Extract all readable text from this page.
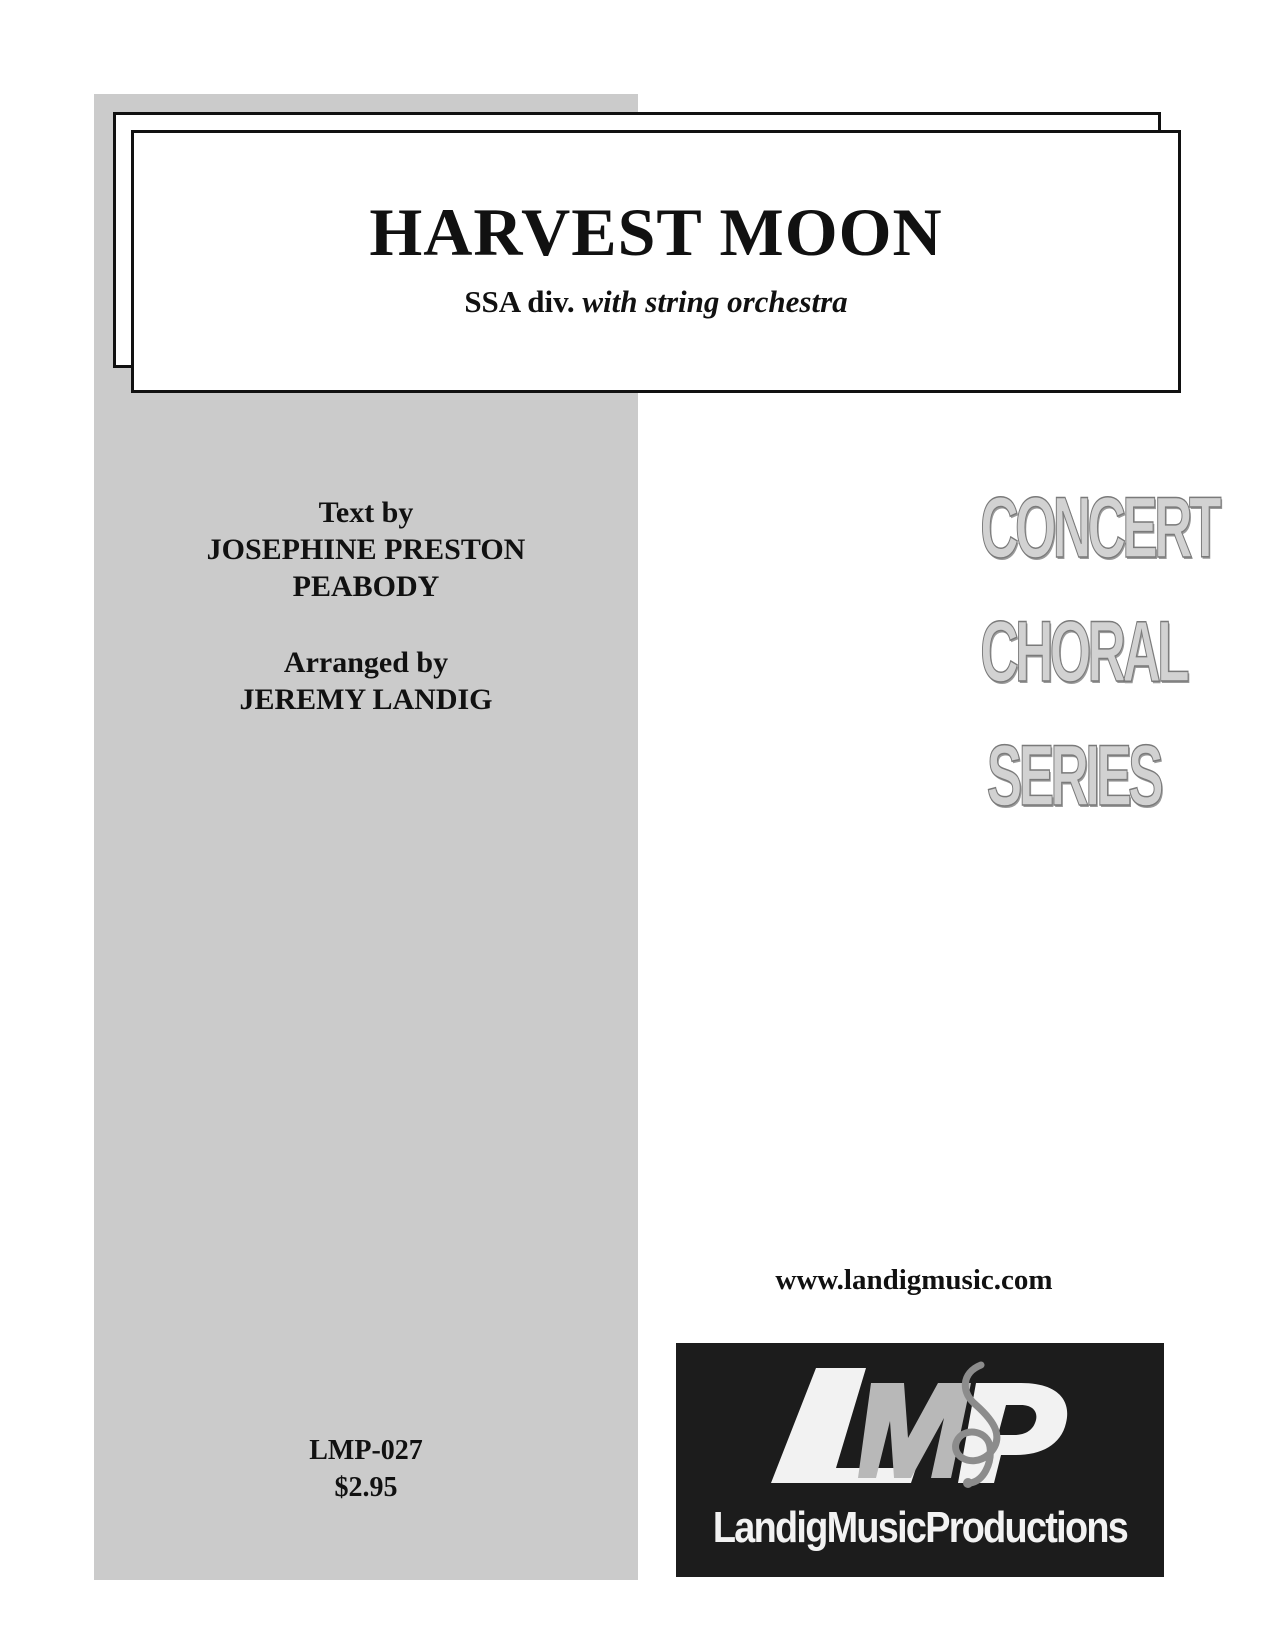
HARVEST MOON
SSA div. with string orchestra
Text by
JOSEPHINE PRESTON
PEABODY
Arranged by
JEREMY LANDIG
CONCERT
CHORAL
SERIES
LMP-027
$2.95
www.landigmusic.com
LandigMusicProductions
